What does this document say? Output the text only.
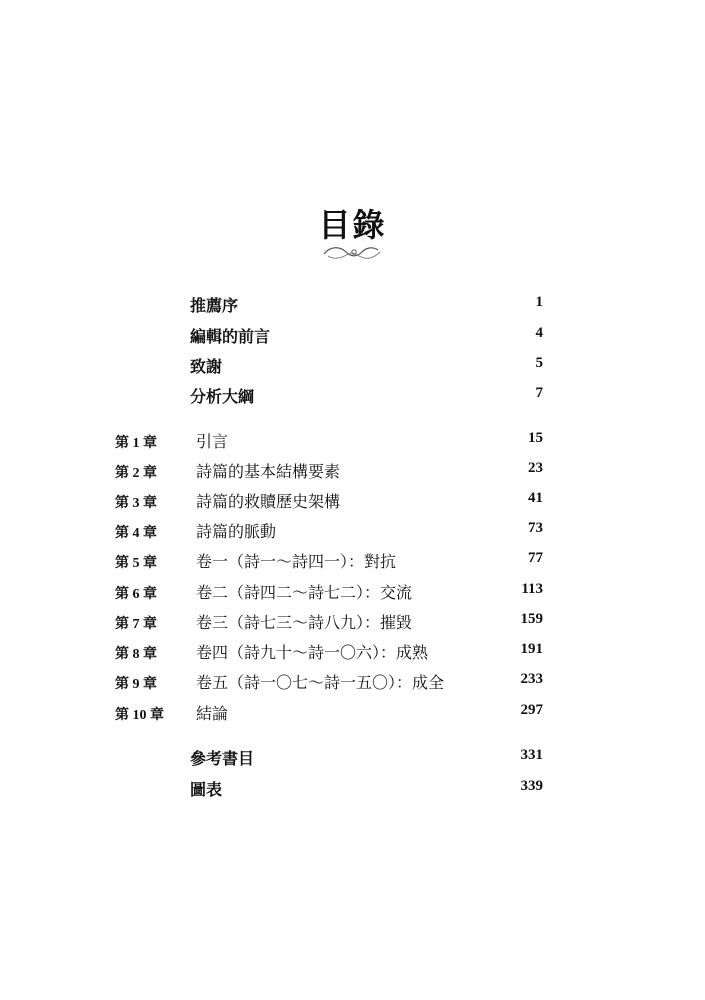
目錄
推薦序	1
編輯的前言	4
致謝	5
分析大綱	7
第 1 章 引言	15
第 2 章 詩篇的基本結構要素	23
第 3 章 詩篇的救贖歷史架構	41
第 4 章 詩篇的脈動	73
第 5 章 卷一（詩一～詩四一）：對抗	77
第 6 章 卷二（詩四二～詩七二）：交流	113
第 7 章 卷三（詩七三～詩八九）：摧毀	159
第 8 章 卷四（詩九十～詩一〇六）：成熟	191
第 9 章 卷五（詩一〇七～詩一五〇）：成全	233
第 10 章 結論	297
參考書目	331
圖表	339
